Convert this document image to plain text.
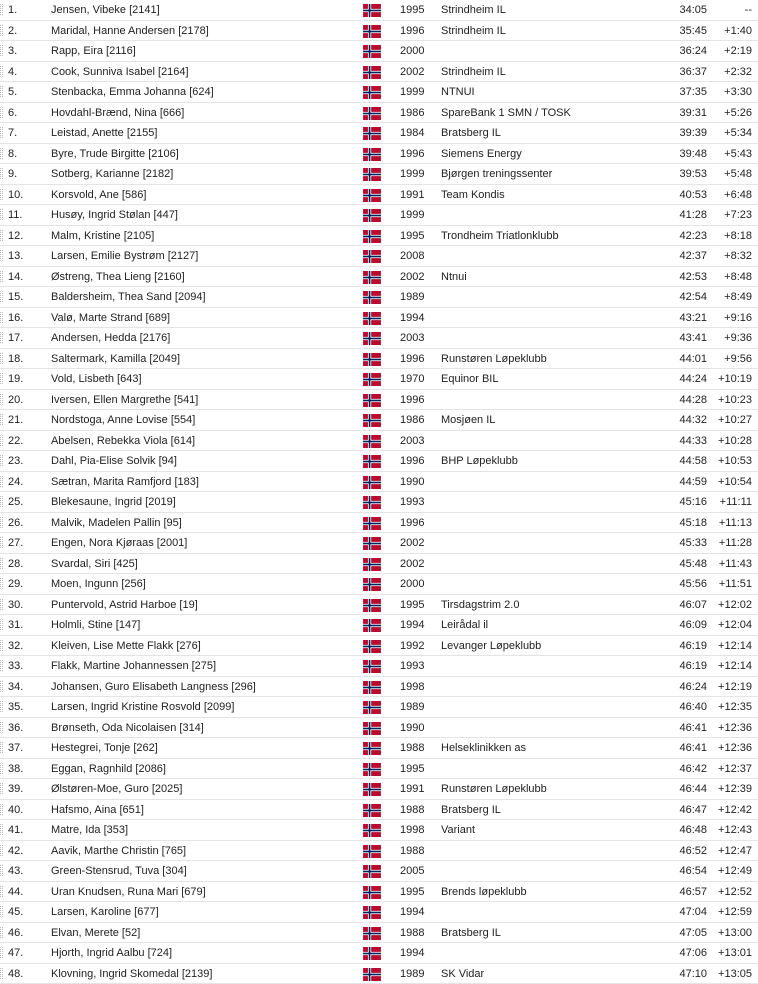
1.	Jensen, Vibeke [2141]	1995 Strindheim IL	34:05	--
2.	Maridal, Hanne Andersen [2178]	1996 Strindheim IL	35:45	+1:40
3.	Rapp, Eira [2116]	2000	36:24	+2:19
4.	Cook, Sunniva Isabel [2164]	2002 Strindheim IL	36:37	+2:32
5.	Stenbacka, Emma Johanna [624]	1999 NTNUI	37:35	+3:30
6.	Hovdahl-Brænd, Nina [666]	1986 SpareBank 1 SMN / TOSK	39:31	+5:26
7.	Leistad, Anette [2155]	1984 Bratsberg IL	39:39	+5:34
8.	Byre, Trude Birgitte [2106]	1996 Siemens Energy	39:48	+5:43
9.	Sotberg, Karianne [2182]	1999 Bjørgen treningssenter	39:53	+5:48
10.	Korsvold, Ane [586]	1991 Team Kondis	40:53	+6:48
11.	Husøy, Ingrid Stølan [447]	1999	41:28	+7:23
12.	Malm, Kristine [2105]	1995 Trondheim Triatlonklubb	42:23	+8:18
13.	Larsen, Emilie Bystrøm [2127]	2008	42:37	+8:32
14.	Østreng, Thea Lieng [2160]	2002 Ntnui	42:53	+8:48
15.	Baldersheim, Thea Sand [2094]	1989	42:54	+8:49
16.	Valø, Marte Strand [689]	1994	43:21	+9:16
17.	Andersen, Hedda [2176]	2003	43:41	+9:36
18.	Saltermark, Kamilla [2049]	1996 Runstøren Løpeklubb	44:01	+9:56
19.	Vold, Lisbeth [643]	1970 Equinor BIL	44:24	+10:19
20.	Iversen, Ellen Margrethe [541]	1996	44:28	+10:23
21.	Nordstoga, Anne Lovise [554]	1986 Mosjøen IL	44:32	+10:27
22.	Abelsen, Rebekka Viola [614]	2003	44:33	+10:28
23.	Dahl, Pia-Elise Solvik [94]	1996 BHP Løpeklubb	44:58	+10:53
24.	Sætran, Marita Ramfjord [183]	1990	44:59	+10:54
25.	Blekesaune, Ingrid [2019]	1993	45:16	+11:11
26.	Malvik, Madelen Pallin [95]	1996	45:18	+11:13
27.	Engen, Nora Kjøraas [2001]	2002	45:33	+11:28
28.	Svardal, Siri [425]	2002	45:48	+11:43
29.	Moen, Ingunn [256]	2000	45:56	+11:51
30.	Puntervold, Astrid Harboe [19]	1995 Tirsdagstrim 2.0	46:07	+12:02
31.	Holmli, Stine [147]	1994 Leirådal il	46:09	+12:04
32.	Kleiven, Lise Mette Flakk [276]	1992 Levanger Løpeklubb	46:19	+12:14
33.	Flakk, Martine Johannessen [275]	1993	46:19	+12:14
34.	Johansen, Guro Elisabeth Langness [296]	1998	46:24	+12:19
35.	Larsen, Ingrid Kristine Rosvold [2099]	1989	46:40	+12:35
36.	Brønseth, Oda Nicolaisen [314]	1990	46:41	+12:36
37.	Hestegrei, Tonje [262]	1988 Helseklinikken as	46:41	+12:36
38.	Eggan, Ragnhild [2086]	1995	46:42	+12:37
39.	Ølstøren-Moe, Guro [2025]	1991 Runstøren Løpeklubb	46:44	+12:39
40.	Hafsmo, Aina [651]	1988 Bratsberg IL	46:47	+12:42
41.	Matre, Ida [353]	1998 Variant	46:48	+12:43
42.	Aavik, Marthe Christin [765]	1988	46:52	+12:47
43.	Green-Stensrud, Tuva [304]	2005	46:54	+12:49
44.	Uran Knudsen, Runa Mari [679]	1995 Brends løpeklubb	46:57	+12:52
45.	Larsen, Karoline [677]	1994	47:04	+12:59
46.	Elvan, Merete [52]	1988 Bratsberg IL	47:05	+13:00
47.	Hjorth, Ingrid Aalbu [724]	1994	47:06	+13:01
48.	Klovning, Ingrid Skomedal [2139]	1989 SK Vidar	47:10	+13:05
